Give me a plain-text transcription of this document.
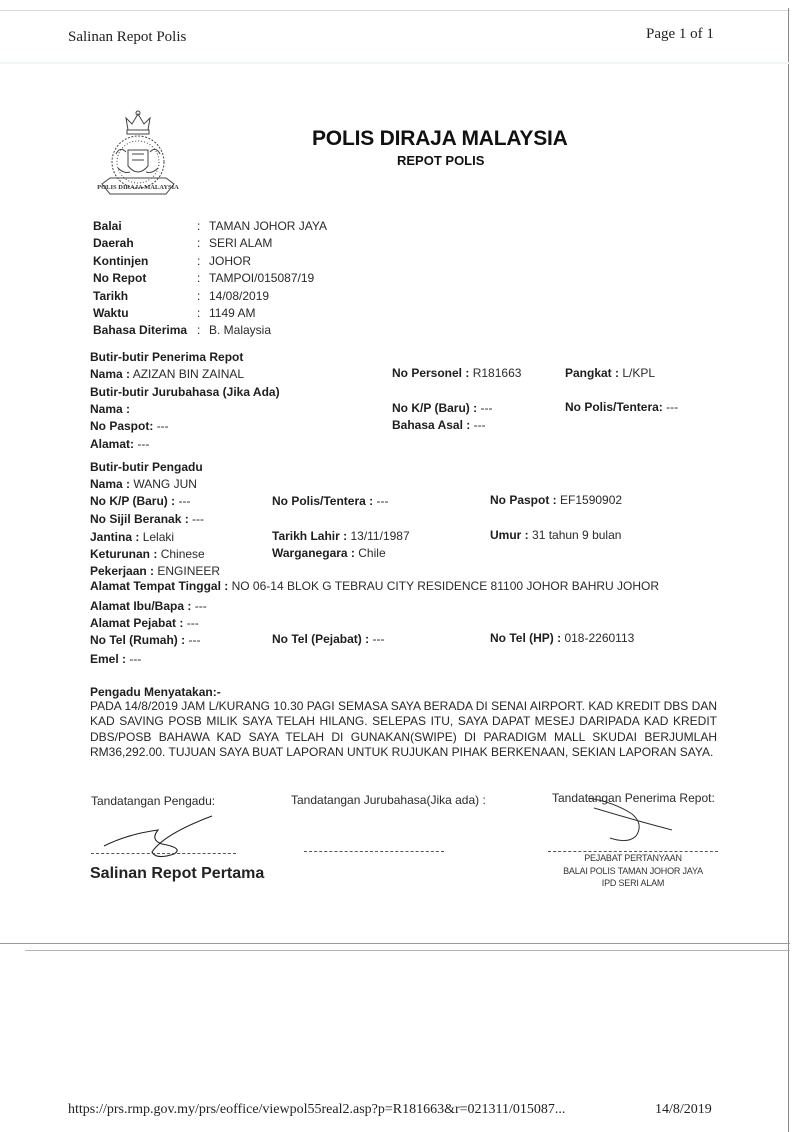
Salinan Repot Polis	Page 1 of 1
POLIS DIRAJA MALAYSIA
POLIS DIRAJA MALAYSIA
REPOT POLIS
Balai	: TAMAN JOHOR JAYA
Daerah	: SERI ALAM
Kontinjen	: JOHOR
No Repot	: TAMPOI/015087/19
Tarikh	: 14/08/2019
Waktu	: 1149 AM
Bahasa Diterima : B. Malaysia
Butir-butir Penerima Repot
Nama : AZIZAN BIN ZAINAL	No Personel : R181663	Pangkat : L/KPL
Butir-butir Jurubahasa (Jika Ada)
Nama :	No K/P (Baru) : ---	No Polis/Tentera: ---
No Paspot: ---	Bahasa Asal : ---
Alamat: ---
Butir-butir Pengadu
Nama : WANG JUN
No K/P (Baru) : ---	No Polis/Tentera : ---	No Paspot : EF1590902
No Sijil Beranak : ---
Jantina : Lelaki	Tarikh Lahir : 13/11/1987	Umur : 31 tahun 9 bulan
Keturunan : Chinese	Warganegara : Chile
Pekerjaan : ENGINEER
Alamat Tempat Tinggal : NO 06-14 BLOK G TEBRAU CITY RESIDENCE 81100 JOHOR BAHRU JOHOR
Alamat Ibu/Bapa : ---
Alamat Pejabat : ---
No Tel (Rumah) : ---	No Tel (Pejabat) : ---	No Tel (HP) : 018-2260113
Emel : ---
Pengadu Menyatakan:-
PADA 14/8/2019 JAM L/KURANG 10.30 PAGI SEMASA SAYA BERADA DI SENAI AIRPORT. KAD KREDIT DBS DAN KAD SAVING POSB MILIK SAYA TELAH HILANG. SELEPAS ITU, SAYA DAPAT MESEJ DARIPADA KAD KREDIT DBS/POSB BAHAWA KAD SAYA TELAH DI GUNAKAN(SWIPE) DI PARADIGM MALL SKUDAI BERJUMLAH RM36,292.00. TUJUAN SAYA BUAT LAPORAN UNTUK RUJUKAN PIHAK BERKENAAN, SEKIAN LAPORAN SAYA.
Tandatangan Pengadu:	Tandatangan Jurubahasa(Jika ada) :	Tandatangan Penerima Repot:
Salinan Repot Pertama
PEJABAT PERTANYAAN
BALAI POLIS TAMAN JOHOR JAYA
IPD SERI ALAM
https://prs.rmp.gov.my/prs/eoffice/viewpol55real2.asp?p=R181663&r=021311/015087...	14/8/2019
